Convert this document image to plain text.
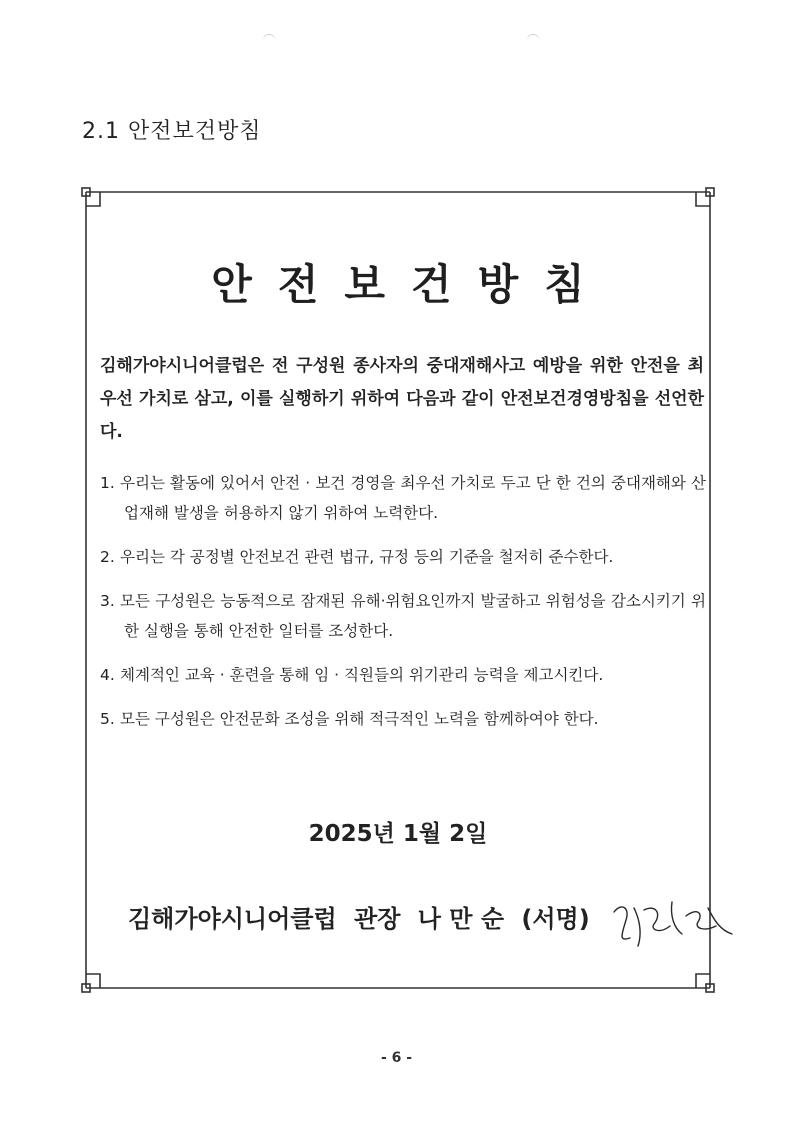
2.1 안전보건방침
안전보건방침
김해가야시니어클럽은 전 구성원 종사자의 중대재해사고 예방을 위한 안전을 최우선 가치로 삼고, 이를 실행하기 위하여 다음과 같이 안전보건경영방침을 선언한다.
1. 우리는 활동에 있어서 안전 · 보건 경영을 최우선 가치로 두고 단 한 건의 중대재해와 산업재해 발생을 허용하지 않기 위하여 노력한다.
2. 우리는 각 공정별 안전보건 관련 법규, 규정 등의 기준을 철저히 준수한다.
3. 모든 구성원은 능동적으로 잠재된 유해·위험요인까지 발굴하고 위험성을 감소시키기 위한 실행을 통해 안전한 일터를 조성한다.
4. 체계적인 교육 · 훈련을 통해 임 · 직원들의 위기관리 능력을 제고시킨다.
5. 모든 구성원은 안전문화 조성을 위해 적극적인 노력을 함께하여야 한다.
2025년 1월 2일
김해가야시니어클럽 관장 나 만 순 (서명)
- 6 -
